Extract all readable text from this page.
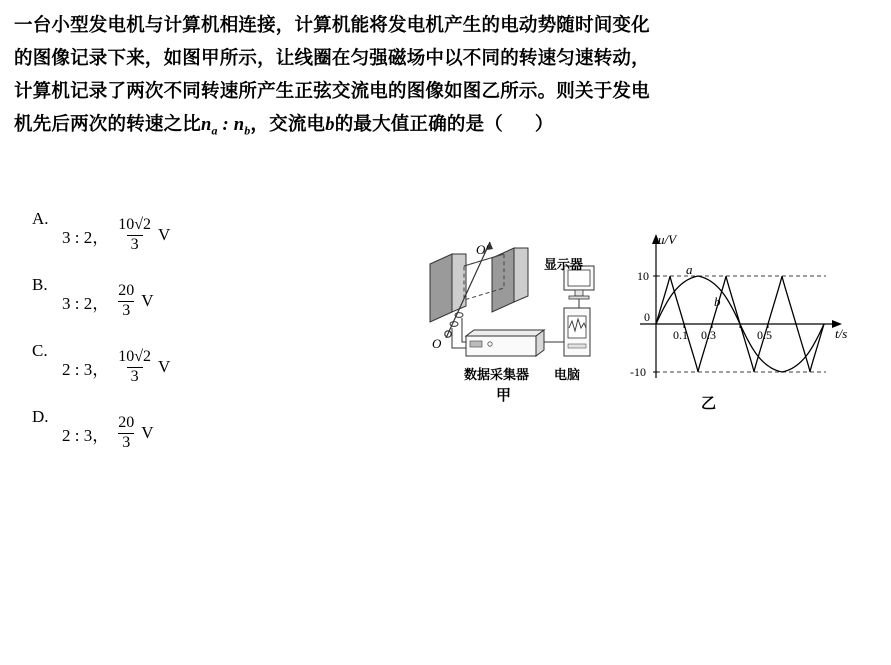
一台小型发电机与计算机相连接，计算机能将发电机产生的电动势随时间变化
的图像记录下来，如图甲所示，让线圈在匀强磁场中以不同的转速匀速转动，
计算机记录了两次不同转速所产生正弦交流电的图像如图乙所示。则关于发电
机先后两次的转速之比$n_a$ : $n_b$，交流电b的最大值正确的是（ ）
A.
3 : 2， $\frac{10√2}{3}$ V
B.
3 : 2， $\frac{20}{3}$ V
C.
2 : 3， $\frac{10√2}{3}$ V
D.
2 : 3， $\frac{20}{3}$ V
O′
O
显示器
数据采集器 电脑
甲
u/V
t/s
10
0
-10
0.1 0.3	0.5
a
b
乙
